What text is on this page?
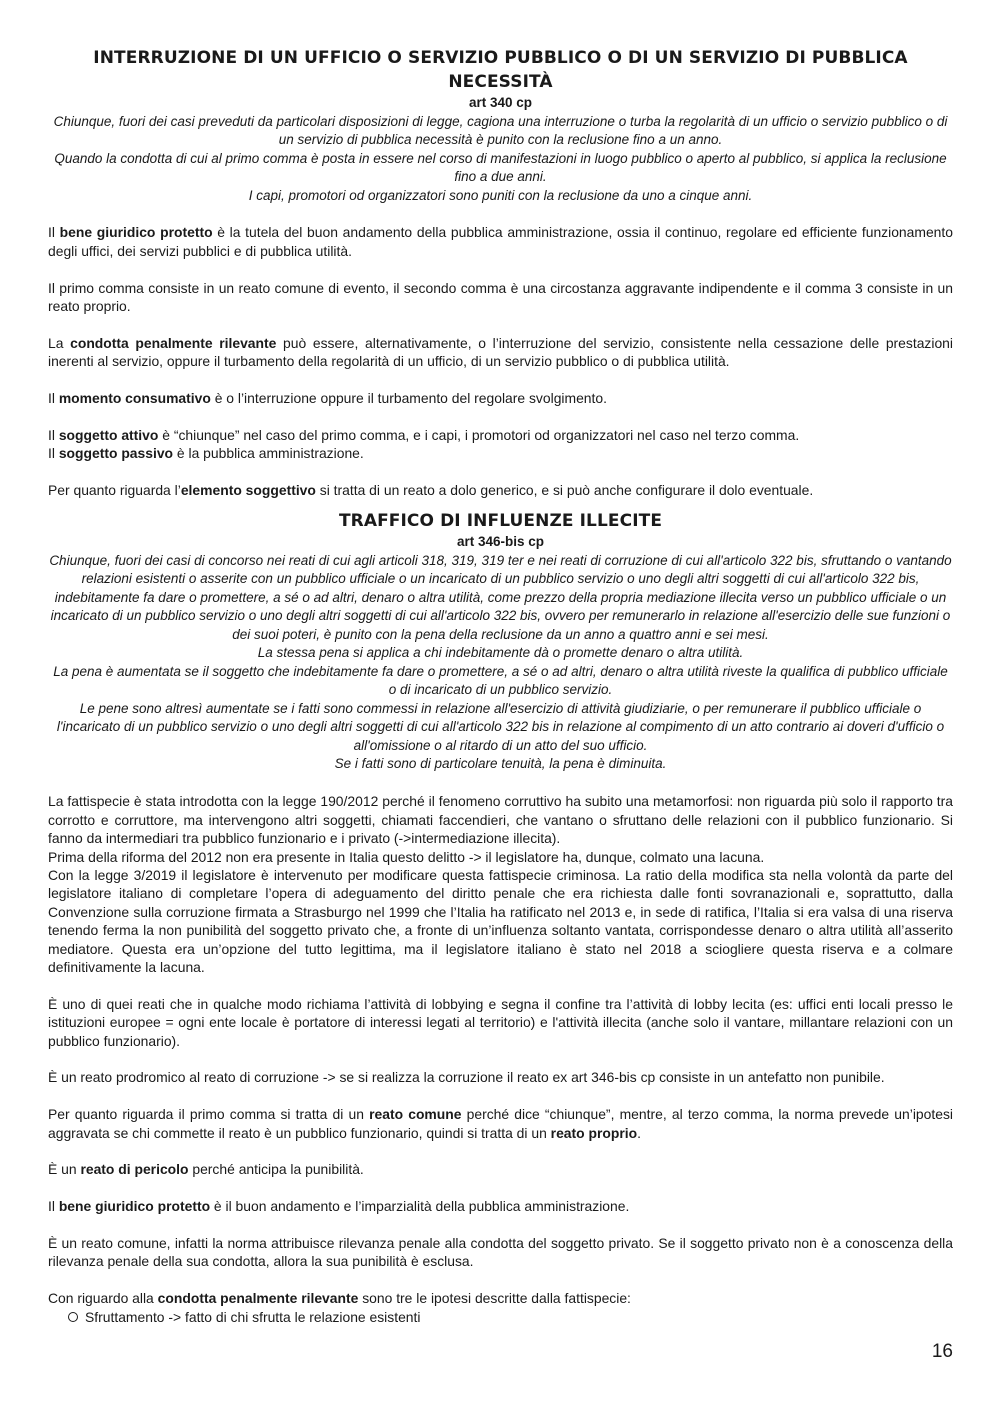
INTERRUZIONE DI UN UFFICIO O SERVIZIO PUBBLICO O DI UN SERVIZIO DI PUBBLICA NECESSITÀ
art 340 cp

Chiunque, fuori dei casi preveduti da particolari disposizioni di legge, cagiona una interruzione o turba la regolarità di un ufficio o servizio pubblico o di un servizio di pubblica necessità è punito con la reclusione fino a un anno.

Quando la condotta di cui al primo comma è posta in essere nel corso di manifestazioni in luogo pubblico o aperto al pubblico, si applica la reclusione fino a due anni.

I capi, promotori od organizzatori sono puniti con la reclusione da uno a cinque anni.

Il bene giuridico protetto è la tutela del buon andamento della pubblica amministrazione, ossia il continuo, regolare ed efficiente funzionamento degli uffici, dei servizi pubblici e di pubblica utilità.

Il primo comma consiste in un reato comune di evento, il secondo comma è una circostanza aggravante indipendente e il comma 3 consiste in un reato proprio.

La condotta penalmente rilevante può essere, alternativamente, o l’interruzione del servizio, consistente nella cessazione delle prestazioni inerenti al servizio, oppure il turbamento della regolarità di un ufficio, di un servizio pubblico o di pubblica utilità.

Il momento consumativo è o l’interruzione oppure il turbamento del regolare svolgimento.

Il soggetto attivo è “chiunque” nel caso del primo comma, e i capi, i promotori od organizzatori nel caso nel terzo comma.

Il soggetto passivo è la pubblica amministrazione.

Per quanto riguarda l’elemento soggettivo si tratta di un reato a dolo generico, e si può anche configurare il dolo eventuale.

TRAFFICO DI INFLUENZE ILLECITE
art 346-bis cp

Chiunque, fuori dei casi di concorso nei reati di cui agli articoli 318, 319, 319 ter e nei reati di corruzione di cui all'articolo 322 bis, sfruttando o vantando relazioni esistenti o asserite con un pubblico ufficiale o un incaricato di un pubblico servizio o uno degli altri soggetti di cui all'articolo 322 bis, indebitamente fa dare o promettere, a sé o ad altri, denaro o altra utilità, come prezzo della propria mediazione illecita verso un pubblico ufficiale o un incaricato di un pubblico servizio o uno degli altri soggetti di cui all'articolo 322 bis, ovvero per remunerarlo in relazione all'esercizio delle sue funzioni o dei suoi poteri, è punito con la pena della reclusione da un anno a quattro anni e sei mesi.

La stessa pena si applica a chi indebitamente dà o promette denaro o altra utilità.

La pena è aumentata se il soggetto che indebitamente fa dare o promettere, a sé o ad altri, denaro o altra utilità riveste la qualifica di pubblico ufficiale o di incaricato di un pubblico servizio.

Le pene sono altresì aumentate se i fatti sono commessi in relazione all'esercizio di attività giudiziarie, o per remunerare il pubblico ufficiale o l'incaricato di un pubblico servizio o uno degli altri soggetti di cui all'articolo 322 bis in relazione al compimento di un atto contrario ai doveri d'ufficio o all'omissione o al ritardo di un atto del suo ufficio.

Se i fatti sono di particolare tenuità, la pena è diminuita.

La fattispecie è stata introdotta con la legge 190/2012 perché il fenomeno corruttivo ha subito una metamorfosi: non riguarda più solo il rapporto tra corrotto e corruttore, ma intervengono altri soggetti, chiamati faccendieri, che vantano o sfruttano delle relazioni con il pubblico funzionario. Si fanno da intermediari tra pubblico funzionario e i privato (->intermediazione illecita).

Prima della riforma del 2012 non era presente in Italia questo delitto -> il legislatore ha, dunque, colmato una lacuna.

Con la legge 3/2019 il legislatore è intervenuto per modificare questa fattispecie criminosa. La ratio della modifica sta nella volontà da parte del legislatore italiano di completare l’opera di adeguamento del diritto penale che era richiesta dalle fonti sovranazionali e, soprattutto, dalla Convenzione sulla corruzione firmata a Strasburgo nel 1999 che l’Italia ha ratificato nel 2013 e, in sede di ratifica, l’Italia si era valsa di una riserva tenendo ferma la non punibilità del soggetto privato che, a fronte di un’influenza soltanto vantata, corrispondesse denaro o altra utilità all’asserito mediatore. Questa era un’opzione del tutto legittima, ma il legislatore italiano è stato nel 2018 a sciogliere questa riserva e a colmare definitivamente la lacuna.

È uno di quei reati che in qualche modo richiama l’attività di lobbying e segna il confine tra l’attività di lobby lecita (es: uffici enti locali presso le istituzioni europee = ogni ente locale è portatore di interessi legati al territorio) e l'attività illecita (anche solo il vantare, millantare relazioni con un pubblico funzionario).

È un reato prodromico al reato di corruzione -> se si realizza la corruzione il reato ex art 346-bis cp consiste in un antefatto non punibile.

Per quanto riguarda il primo comma si tratta di un reato comune perché dice “chiunque”, mentre, al terzo comma, la norma prevede un’ipotesi aggravata se chi commette il reato è un pubblico funzionario, quindi si tratta di un reato proprio.

È un reato di pericolo perché anticipa la punibilità.

Il bene giuridico protetto è il buon andamento e l’imparzialità della pubblica amministrazione.

È un reato comune, infatti la norma attribuisce rilevanza penale alla condotta del soggetto privato. Se il soggetto privato non è a conoscenza della rilevanza penale della sua condotta, allora la sua punibilità è esclusa.

Con riguardo alla condotta penalmente rilevante sono tre le ipotesi descritte dalla fattispecie:

Sfruttamento -> fatto di chi sfrutta le relazione esistenti
16
